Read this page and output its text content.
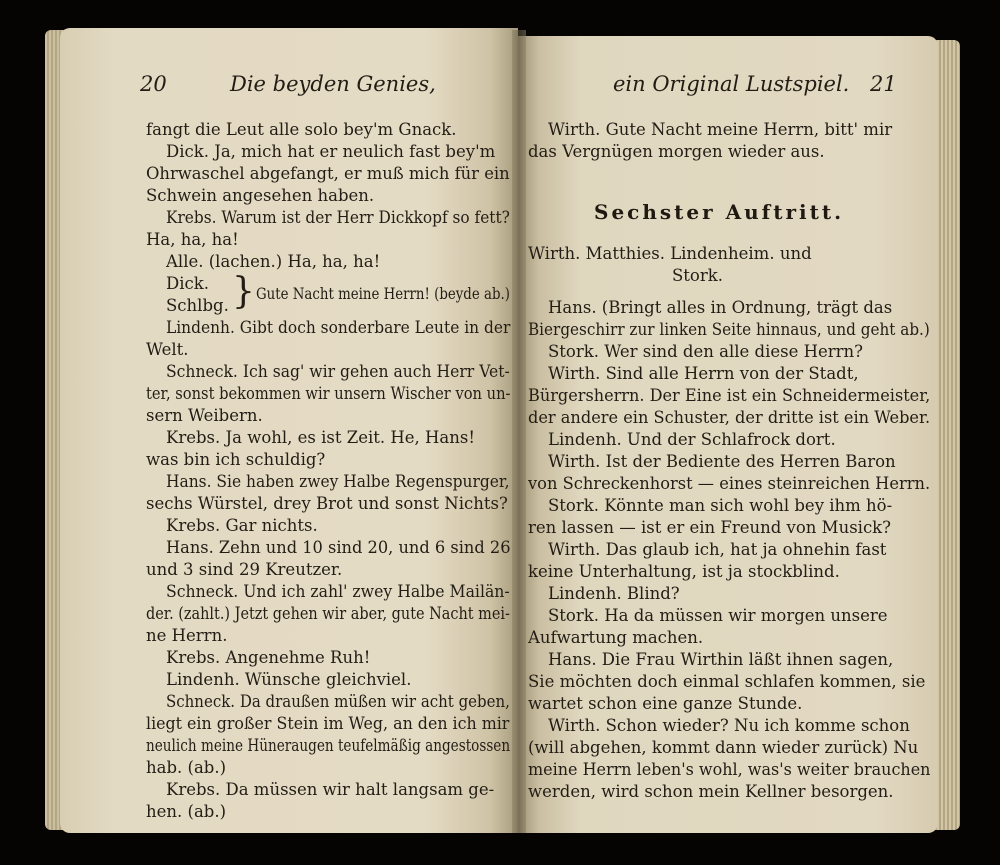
20	Die beyden Genies,
fangt die Leut alle solo bey'm Gnack.
Dick. Ja, mich hat er neulich fast bey'm
Ohrwaschel abgefangt, er muß mich für ein
Schwein angesehen haben.
Krebs. Warum ist der Herr Dickkopf so fett?
Ha, ha, ha!
Alle. (lachen.) Ha, ha, ha!
Dick.
Schlbg. } Gute Nacht meine Herrn! (beyde ab.)
Lindenh. Gibt doch sonderbare Leute in der
Welt.
Schneck. Ich sag' wir gehen auch Herr Vet-
ter, sonst bekommen wir unsern Wischer von un-
sern Weibern.
Krebs. Ja wohl, es ist Zeit. He, Hans!
was bin ich schuldig?
Hans. Sie haben zwey Halbe Regenspurger,
sechs Würstel, drey Brot und sonst Nichts?
Krebs. Gar nichts.
Hans. Zehn und 10 sind 20, und 6 sind 26
und 3 sind 29 Kreutzer.
Schneck. Und ich zahl' zwey Halbe Mailän-
der. (zahlt.) Jetzt gehen wir aber, gute Nacht mei-
ne Herrn.
Krebs. Angenehme Ruh!
Lindenh. Wünsche gleichviel.
Schneck. Da draußen müßen wir acht geben,
liegt ein großer Stein im Weg, an den ich mir
neulich meine Hüneraugen teufelmäßig angestossen
hab. (ab.)
Krebs. Da müssen wir halt langsam ge-
hen. (ab.)
ein Original Lustspiel. 21
Wirth. Gute Nacht meine Herrn, bitt' mir
das Vergnügen morgen wieder aus.
Sechster Auftritt.
Wirth. Matthies. Lindenheim. und
Stork.
Hans. (Bringt alles in Ordnung, trägt das
Biergeschirr zur linken Seite hinnaus, und geht ab.)
Stork. Wer sind den alle diese Herrn?
Wirth. Sind alle Herrn von der Stadt,
Bürgersherrn. Der Eine ist ein Schneidermeister,
der andere ein Schuster, der dritte ist ein Weber.
Lindenh. Und der Schlafrock dort.
Wirth. Ist der Bediente des Herren Baron
von Schreckenhorst — eines steinreichen Herrn.
Stork. Könnte man sich wohl bey ihm hö-
ren lassen — ist er ein Freund von Musick?
Wirth. Das glaub ich, hat ja ohnehin fast
keine Unterhaltung, ist ja stockblind.
Lindenh. Blind?
Stork. Ha da müssen wir morgen unsere
Aufwartung machen.
Hans. Die Frau Wirthin läßt ihnen sagen,
Sie möchten doch einmal schlafen kommen, sie
wartet schon eine ganze Stunde.
Wirth. Schon wieder? Nu ich komme schon
(will abgehen, kommt dann wieder zurück) Nu
meine Herrn leben's wohl, was's weiter brauchen
werden, wird schon mein Kellner besorgen.
